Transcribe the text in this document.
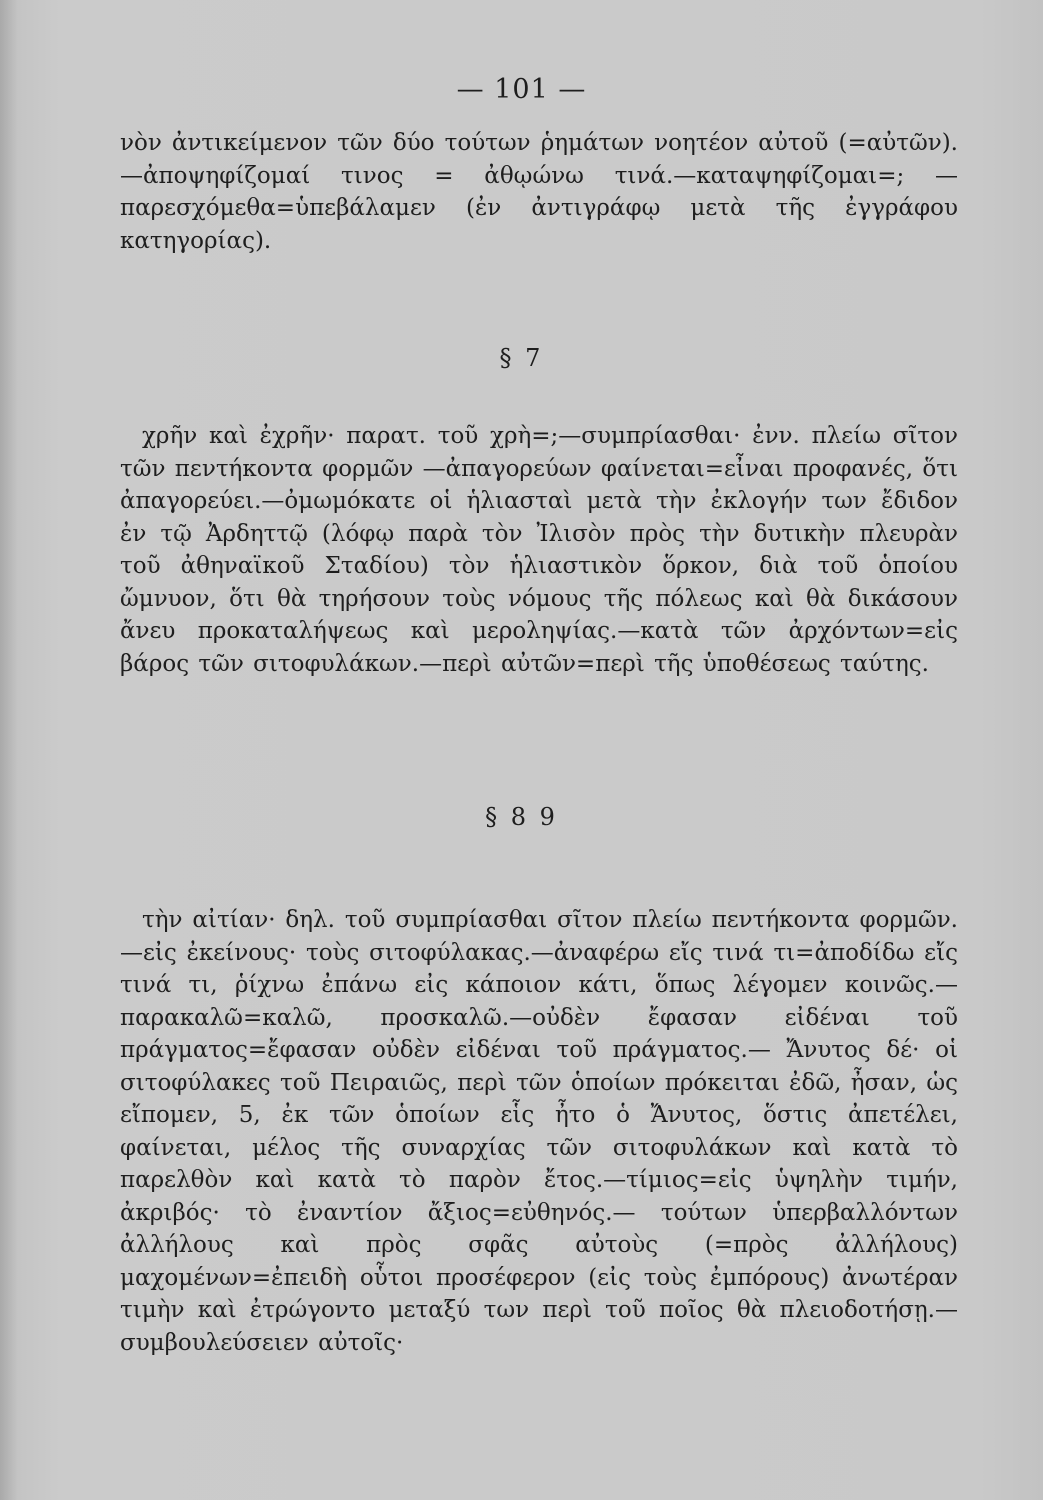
— 101 —

νὸν ἀντικείμενον τῶν δύο τούτων ῥημάτων νοητέον αὐτοῦ (=αὐτῶν).—ἀποψηφίζομαί τινος = ἀθῳώνω τινά.—καταψηφίζομαι=; — παρεσχόμεθα=ὑπεβάλαμεν (ἐν ἀντιγράφῳ μετὰ τῆς ἐγγράφου κατηγορίας).

§ 7

χρῆν καὶ ἐχρῆν· παρατ. τοῦ χρὴ=;—συμπρίασθαι· ἐνν. πλείω σῖτον τῶν πεντήκοντα φορμῶν —ἀπαγορεύων φαίνεται=εἶναι προφανές, ὅτι ἀπαγορεύει.—ὀμωμόκατε οἱ ἡλιασταὶ μετὰ τὴν ἐκλογήν των ἔδιδον ἐν τῷ Ἀρδηττῷ (λόφῳ παρὰ τὸν Ἰλισὸν πρὸς τὴν δυτικὴν πλευρὰν τοῦ ἀθηναϊκοῦ Σταδίου) τὸν ἡλιαστικὸν ὅρκον, διὰ τοῦ ὁποίου ὤμνυον, ὅτι θὰ τηρήσουν τοὺς νόμους τῆς πόλεως καὶ θὰ δικάσουν ἄνευ προκαταλήψεως καὶ μεροληψίας.—κατὰ τῶν ἀρχόντων=εἰς βάρος τῶν σιτοφυλάκων.—περὶ αὐτῶν=περὶ τῆς ὑποθέσεως ταύτης.

§ 8 9

τὴν αἰτίαν· δηλ. τοῦ συμπρίασθαι σῖτον πλείω πεντήκοντα φορμῶν.—εἰς ἐκείνους· τοὺς σιτοφύλακας.—ἀναφέρω εἴς τινά τι=ἀποδίδω εἴς τινά τι, ῥίχνω ἐπάνω εἰς κάποιον κάτι, ὅπως λέγομεν κοινῶς.— παρακαλῶ=καλῶ, προσκαλῶ.—οὐδὲν ἔφασαν εἰδέναι τοῦ πράγματος=ἔφασαν οὐδὲν εἰδέναι τοῦ πράγματος.— Ἄνυτος δέ· οἱ σιτοφύλακες τοῦ Πειραιῶς, περὶ τῶν ὁποίων πρόκειται ἐδῶ, ἦσαν, ὡς εἴπομεν, 5, ἐκ τῶν ὁποίων εἷς ἦτο ὁ Ἄνυτος, ὅστις ἀπετέλει, φαίνεται, μέλος τῆς συναρχίας τῶν σιτοφυλάκων καὶ κατὰ τὸ παρελθὸν καὶ κατὰ τὸ παρὸν ἔτος.—τίμιος=εἰς ὑψηλὴν τιμήν, ἀκριβός· τὸ ἐναντίον ἄξιος=εὐθηνός.— τούτων ὑπερβαλλόντων ἀλλήλους καὶ πρὸς σφᾶς αὐτοὺς (=πρὸς ἀλλήλους) μαχομένων=ἐπειδὴ οὗτοι προσέφερον (εἰς τοὺς ἐμπόρους) ἀνωτέραν τιμὴν καὶ ἐτρώγοντο μεταξύ των περὶ τοῦ ποῖος θὰ πλειοδοτήσῃ.— συμβουλεύσειεν αὐτοῖς·
